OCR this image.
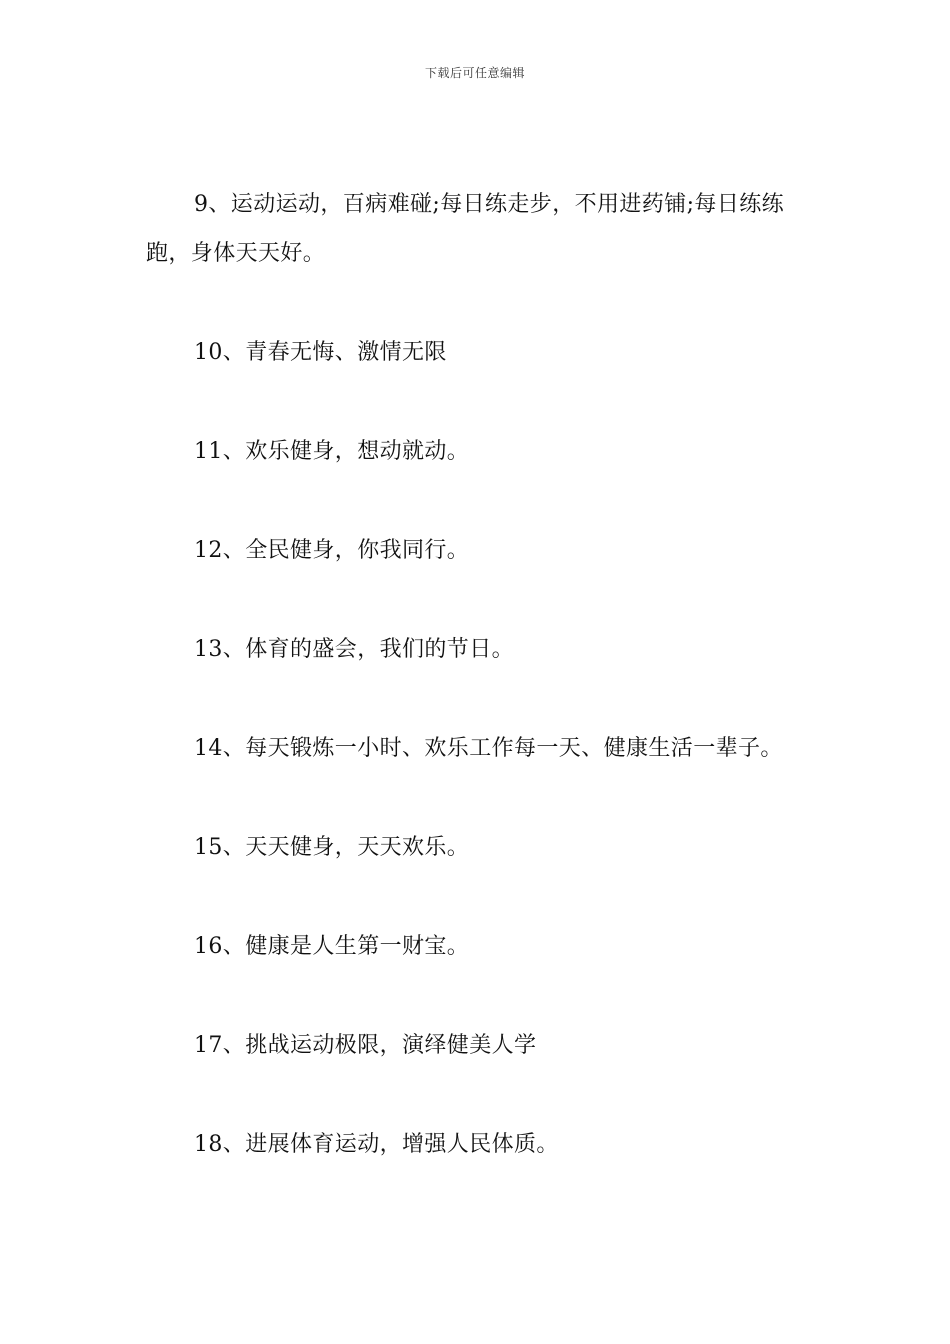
下载后可任意编辑

9、运动运动，百病难碰;每日练走步，不用进药铺;每日练练跑，身体天天好。

10、青春无悔、激情无限

11、欢乐健身，想动就动。

12、全民健身，你我同行。

13、体育的盛会，我们的节日。

14、每天锻炼一小时、欢乐工作每一天、健康生活一辈子。

15、天天健身，天天欢乐。

16、健康是人生第一财宝。

17、挑战运动极限，演绎健美人学

18、进展体育运动，增强人民体质。
